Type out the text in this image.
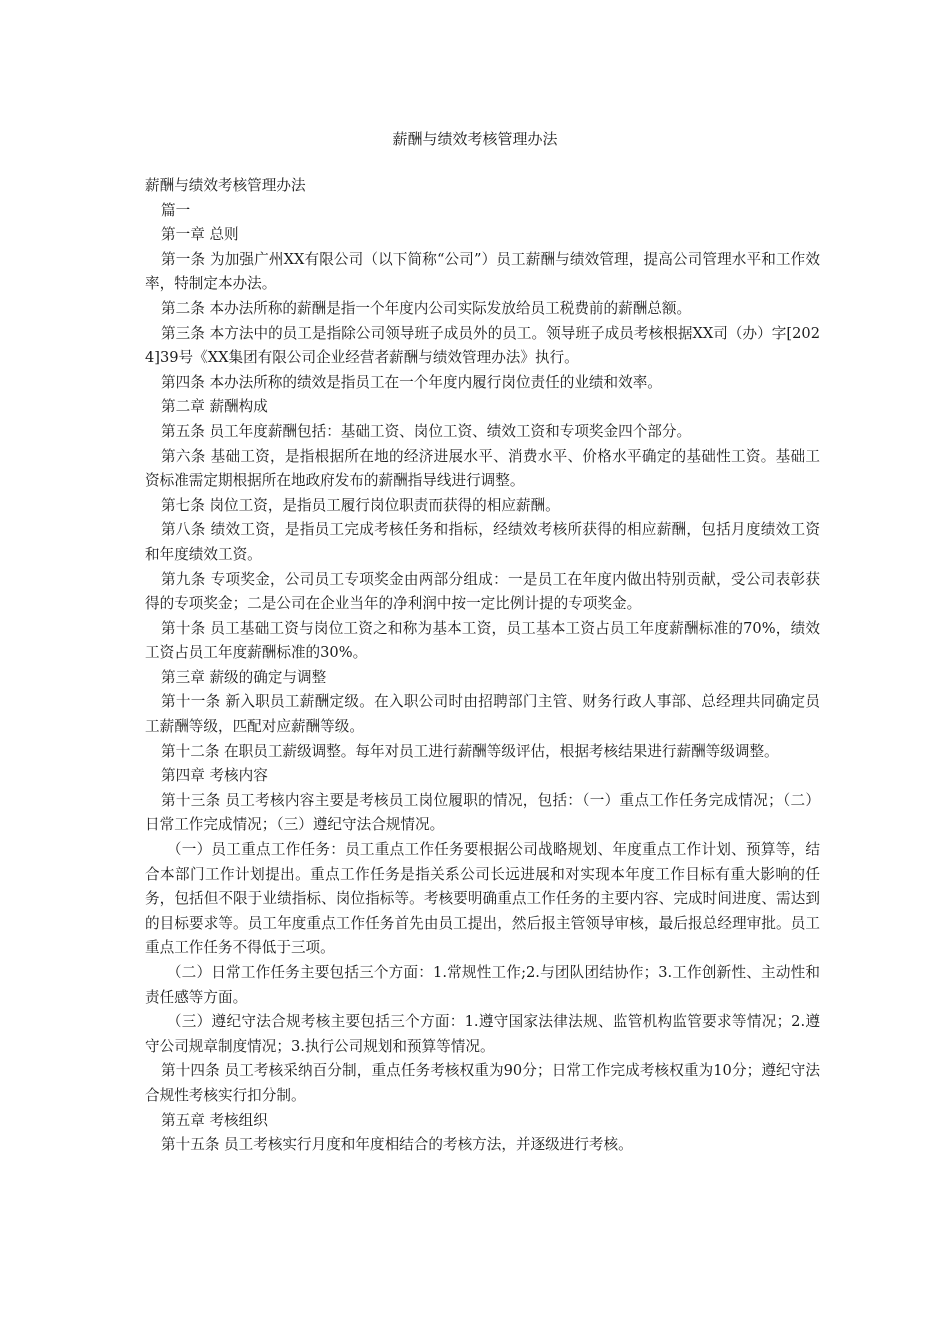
薪酬与绩效考核管理办法

薪酬与绩效考核管理办法

篇一

第一章 总则

第一条 为加强广州XX有限公司（以下简称“公司”）员工薪酬与绩效管理，提高公司管理水平和工作效率，特制定本办法。

第二条 本办法所称的薪酬是指一个年度内公司实际发放给员工税费前的薪酬总额。

第三条 本方法中的员工是指除公司领导班子成员外的员工。领导班子成员考核根据XX司（办）字[2024]39号《XX集团有限公司企业经营者薪酬与绩效管理办法》执行。

第四条 本办法所称的绩效是指员工在一个年度内履行岗位责任的业绩和效率。

第二章 薪酬构成

第五条 员工年度薪酬包括：基础工资、岗位工资、绩效工资和专项奖金四个部分。

第六条 基础工资，是指根据所在地的经济进展水平、消费水平、价格水平确定的基础性工资。基础工资标准需定期根据所在地政府发布的薪酬指导线进行调整。

第七条 岗位工资，是指员工履行岗位职责而获得的相应薪酬。

第八条 绩效工资，是指员工完成考核任务和指标，经绩效考核所获得的相应薪酬，包括月度绩效工资和年度绩效工资。

第九条 专项奖金，公司员工专项奖金由两部分组成：一是员工在年度内做出特别贡献，受公司表彰获得的专项奖金；二是公司在企业当年的净利润中按一定比例计提的专项奖金。

第十条 员工基础工资与岗位工资之和称为基本工资，员工基本工资占员工年度薪酬标准的70%，绩效工资占员工年度薪酬标准的30%。

第三章 薪级的确定与调整

第十一条 新入职员工薪酬定级。在入职公司时由招聘部门主管、财务行政人事部、总经理共同确定员工薪酬等级，匹配对应薪酬等级。

第十二条 在职员工薪级调整。每年对员工进行薪酬等级评估，根据考核结果进行薪酬等级调整。

第四章 考核内容

第十三条 员工考核内容主要是考核员工岗位履职的情况，包括：（一）重点工作任务完成情况；（二）日常工作完成情况；（三）遵纪守法合规情况。

（一）员工重点工作任务：员工重点工作任务要根据公司战略规划、年度重点工作计划、预算等，结合本部门工作计划提出。重点工作任务是指关系公司长远进展和对实现本年度工作目标有重大影响的任务，包括但不限于业绩指标、岗位指标等。考核要明确重点工作任务的主要内容、完成时间进度、需达到的目标要求等。员工年度重点工作任务首先由员工提出，然后报主管领导审核，最后报总经理审批。员工重点工作任务不得低于三项。

（二）日常工作任务主要包括三个方面：1.常规性工作;2.与团队团结协作；3.工作创新性、主动性和责任感等方面。

（三）遵纪守法合规考核主要包括三个方面：1.遵守国家法律法规、监管机构监管要求等情况；2.遵守公司规章制度情况；3.执行公司规划和预算等情况。

第十四条 员工考核采纳百分制，重点任务考核权重为90分；日常工作完成考核权重为10分；遵纪守法合规性考核实行扣分制。

第五章 考核组织

第十五条 员工考核实行月度和年度相结合的考核方法，并逐级进行考核。
